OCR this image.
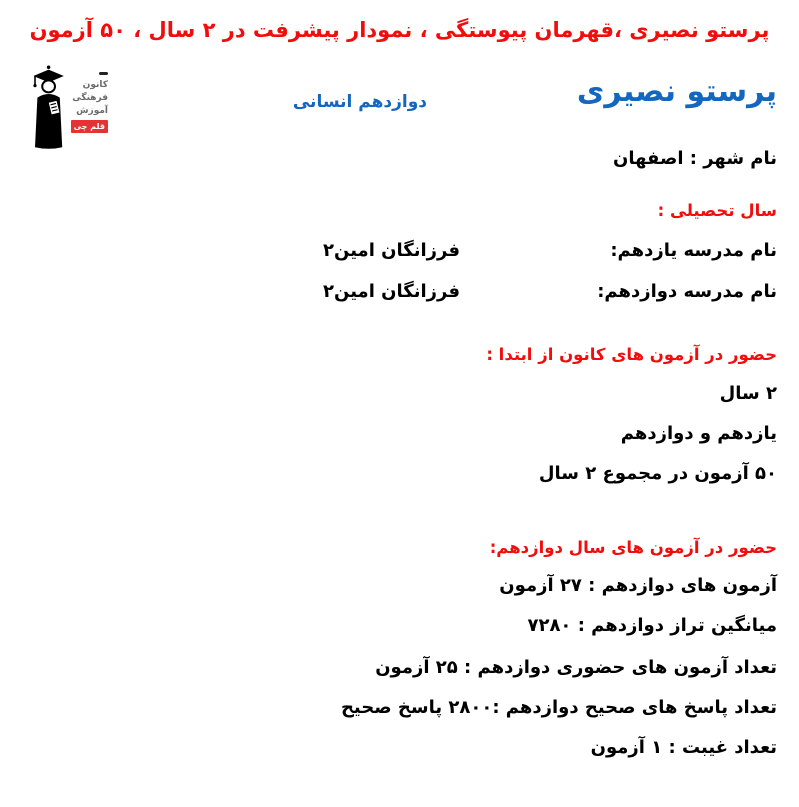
پرستو نصیری ،قهرمان پیوستگی ، نمودار پیشرفت در ۲ سال ، ۵۰ آزمون
کانون
فرهنگی
آموزش
قلم چی
پرستو نصیری
دوازدهم انسانی
نام شهر : اصفهان
سال تحصیلی :
نام مدرسه یازدهم:
فرزانگان امین۲
نام مدرسه دوازدهم:
فرزانگان امین۲
حضور در آزمون های کانون از ابتدا :
۲ سال
یازدهم و دوازدهم
۵۰ آزمون در مجموع ۲ سال
حضور در آزمون های سال دوازدهم:
آزمون های دوازدهم : ۲۷ آزمون
میانگین تراز دوازدهم : ۷۲۸۰
تعداد آزمون های حضوری دوازدهم : ۲۵ آزمون
تعداد پاسخ های صحیح دوازدهم :۲۸۰۰ پاسخ صحیح
تعداد غیبت : ۱ آزمون
